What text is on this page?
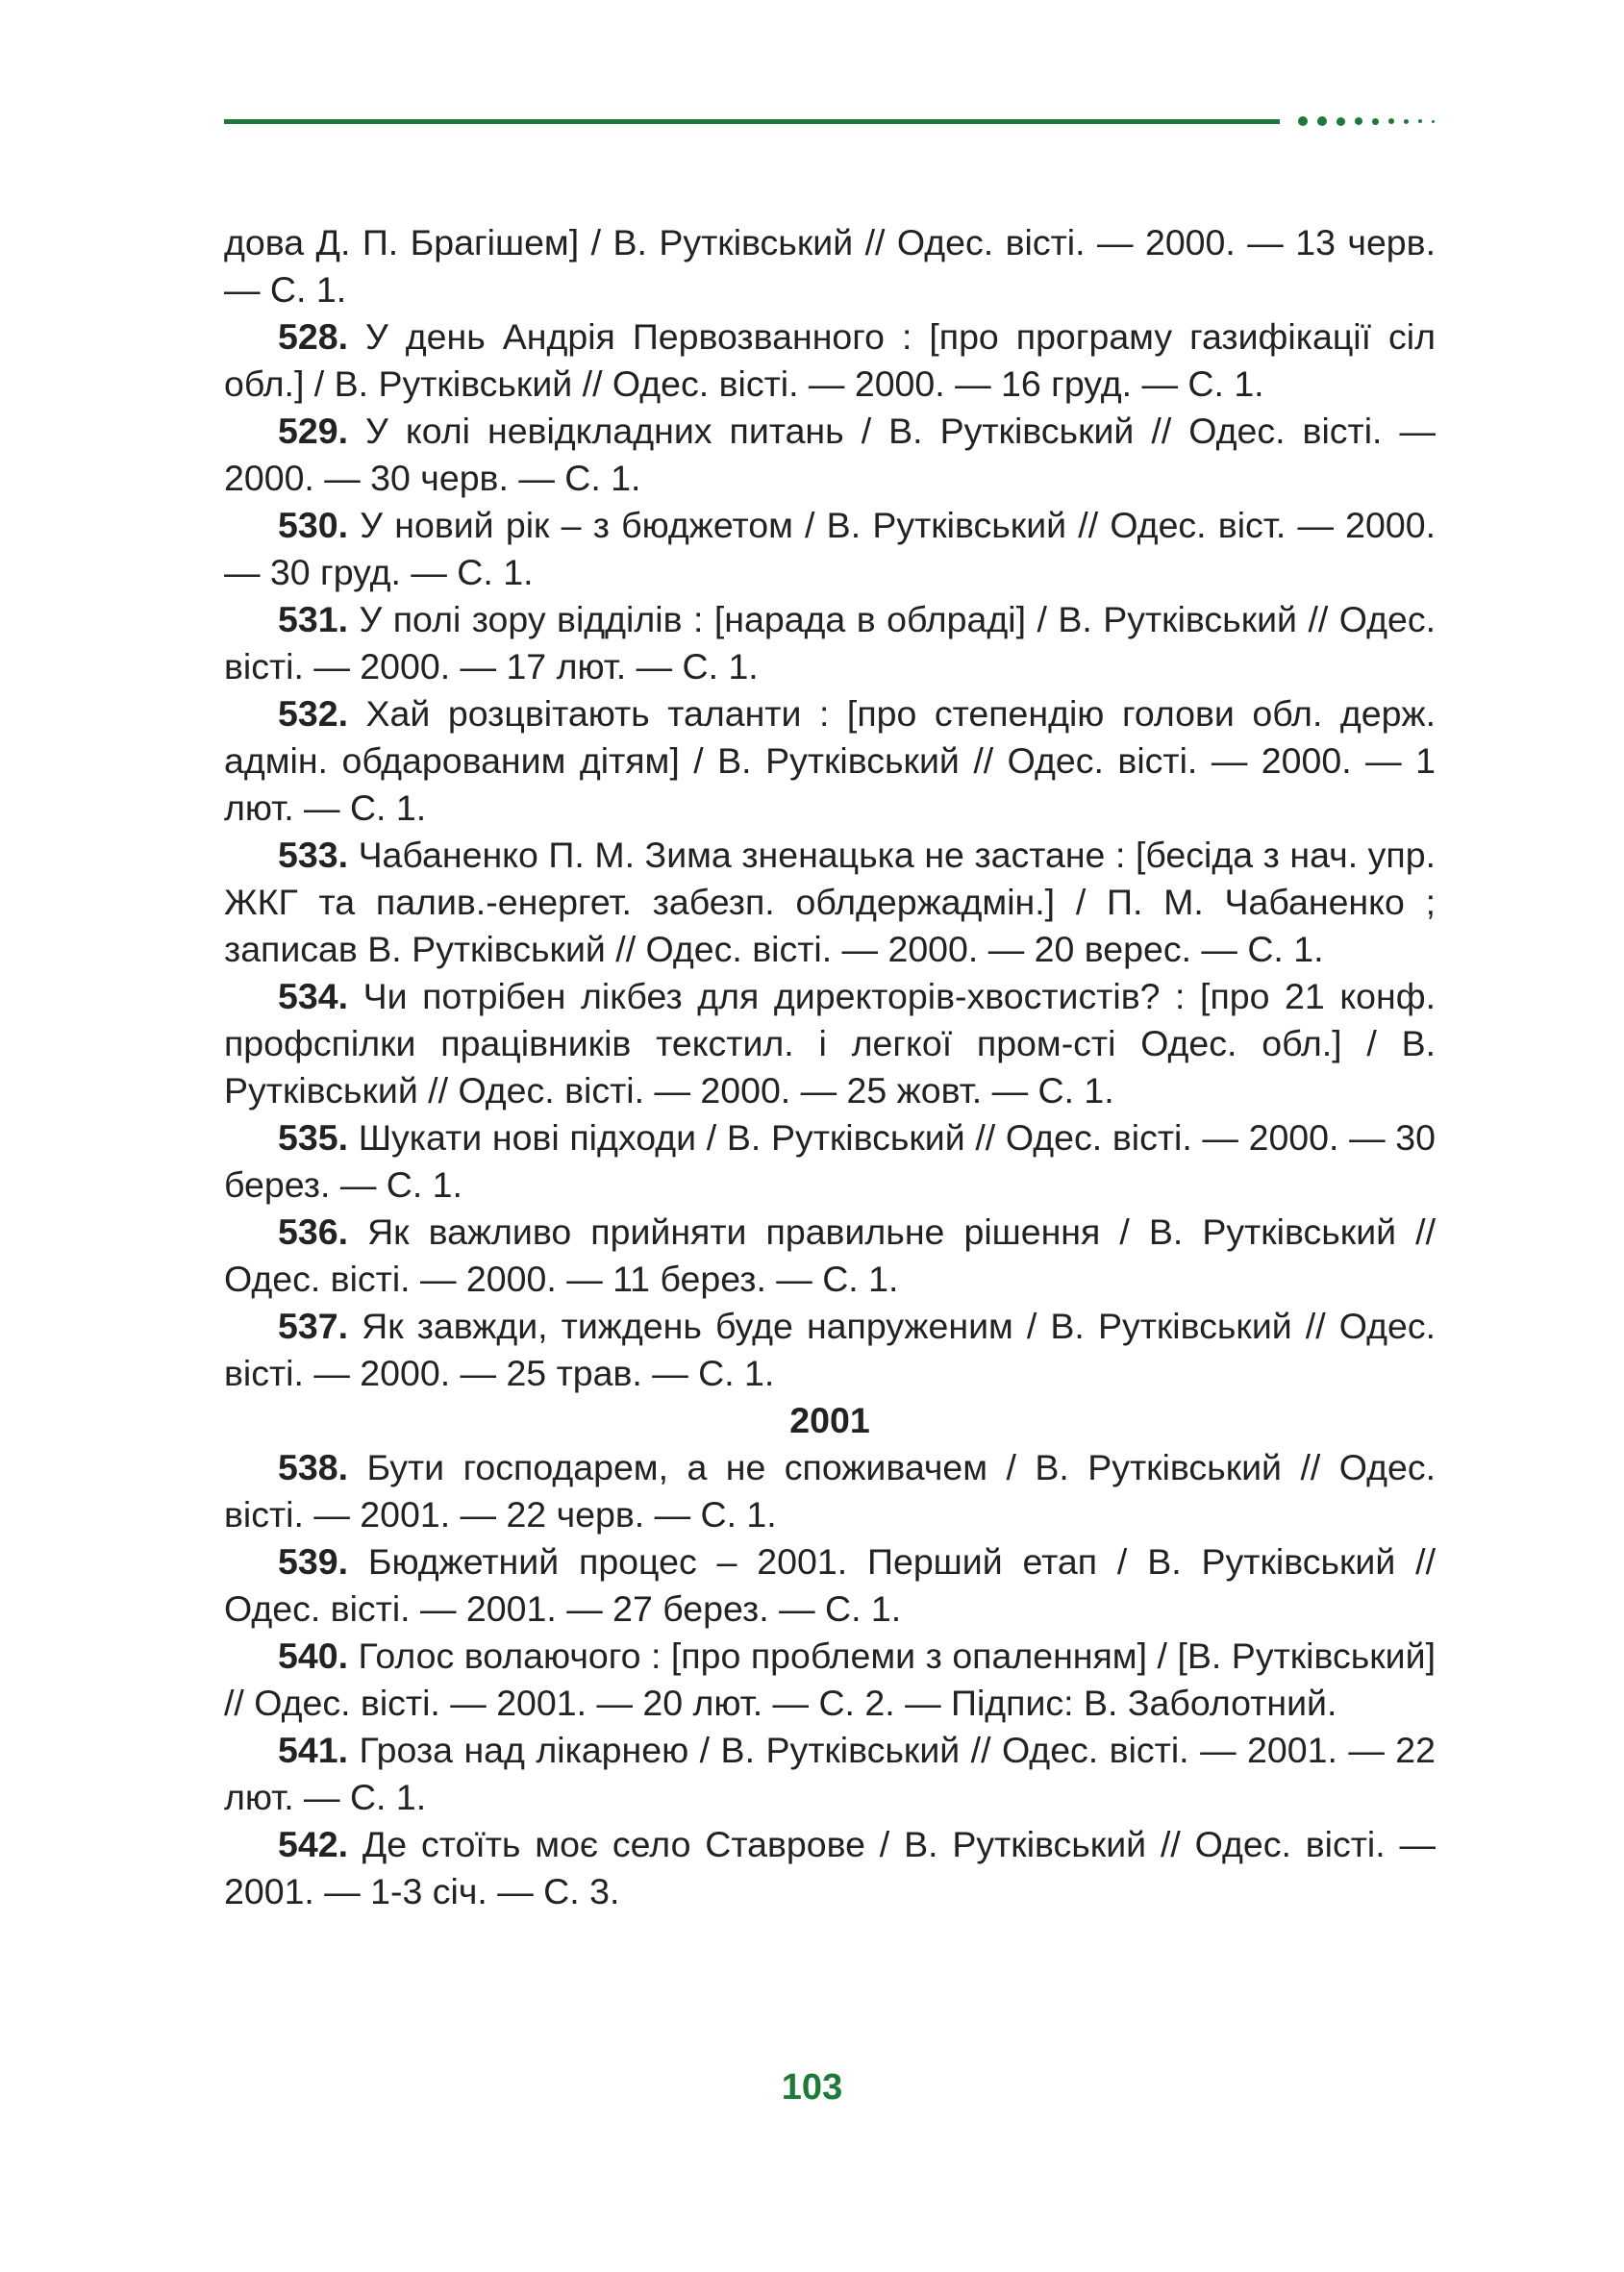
дова Д. П. Брагішем] / В. Рутківський // Одес. вісті. — 2000. — 13 черв. — С. 1.

528. У день Андрія Первозванного : [про програму газифікації сіл обл.] / В. Рутківський // Одес. вісті. — 2000. — 16 груд. — С. 1.

529. У колі невідкладних питань / В. Рутківський // Одес. вісті. — 2000. — 30 черв. — С. 1.

530. У новий рік – з бюджетом / В. Рутківський // Одес. віст. — 2000. — 30 груд. — С. 1.

531. У полі зору відділів : [нарада в облраді] / В. Рутківський // Одес. вісті. — 2000. — 17 лют. — С. 1.

532. Хай розцвітають таланти : [про степендію голови обл. держ. адмін. обдарованим дітям] / В. Рутківський // Одес. вісті. — 2000. — 1 лют. — С. 1.

533. Чабаненко П. М. Зима зненацька не застане : [бесіда з нач. упр. ЖКГ та палив.-енергет. забезп. облдержадмін.] / П. М. Чабаненко ; записав В. Рутківський // Одес. вісті. — 2000. — 20 верес. — С. 1.

534. Чи потрібен лікбез для директорів-хвостистів? : [про 21 конф. профспілки працівників текстил. і легкої пром-сті Одес. обл.] / В. Рутківський // Одес. вісті. — 2000. — 25 жовт. — С. 1.

535. Шукати нові підходи / В. Рутківський // Одес. вісті. — 2000. — 30 берез. — С. 1.

536. Як важливо прийняти правильне рішення / В. Рутківський // Одес. вісті. — 2000. — 11 берез. — С. 1.

537. Як завжди, тиждень буде напруженим / В. Рутківський // Одес. вісті. — 2000. — 25 трав. — С. 1.

2001

538. Бути господарем, а не споживачем / В. Рутківський // Одес. вісті. — 2001. — 22 черв. — С. 1.

539. Бюджетний процес – 2001. Перший етап / В. Рутківський // Одес. вісті. — 2001. — 27 берез. — С. 1.

540. Голос волаючого : [про проблеми з опаленням] / [В. Рутківський] // Одес. вісті. — 2001. — 20 лют. — С. 2. — Підпис: В. Заболотний.

541. Гроза над лікарнею / В. Рутківський // Одес. вісті. — 2001. — 22 лют. — С. 1.

542. Де стоїть моє село Ставрове / В. Рутківський // Одес. вісті. — 2001. — 1-3 січ. — С. 3.

103
